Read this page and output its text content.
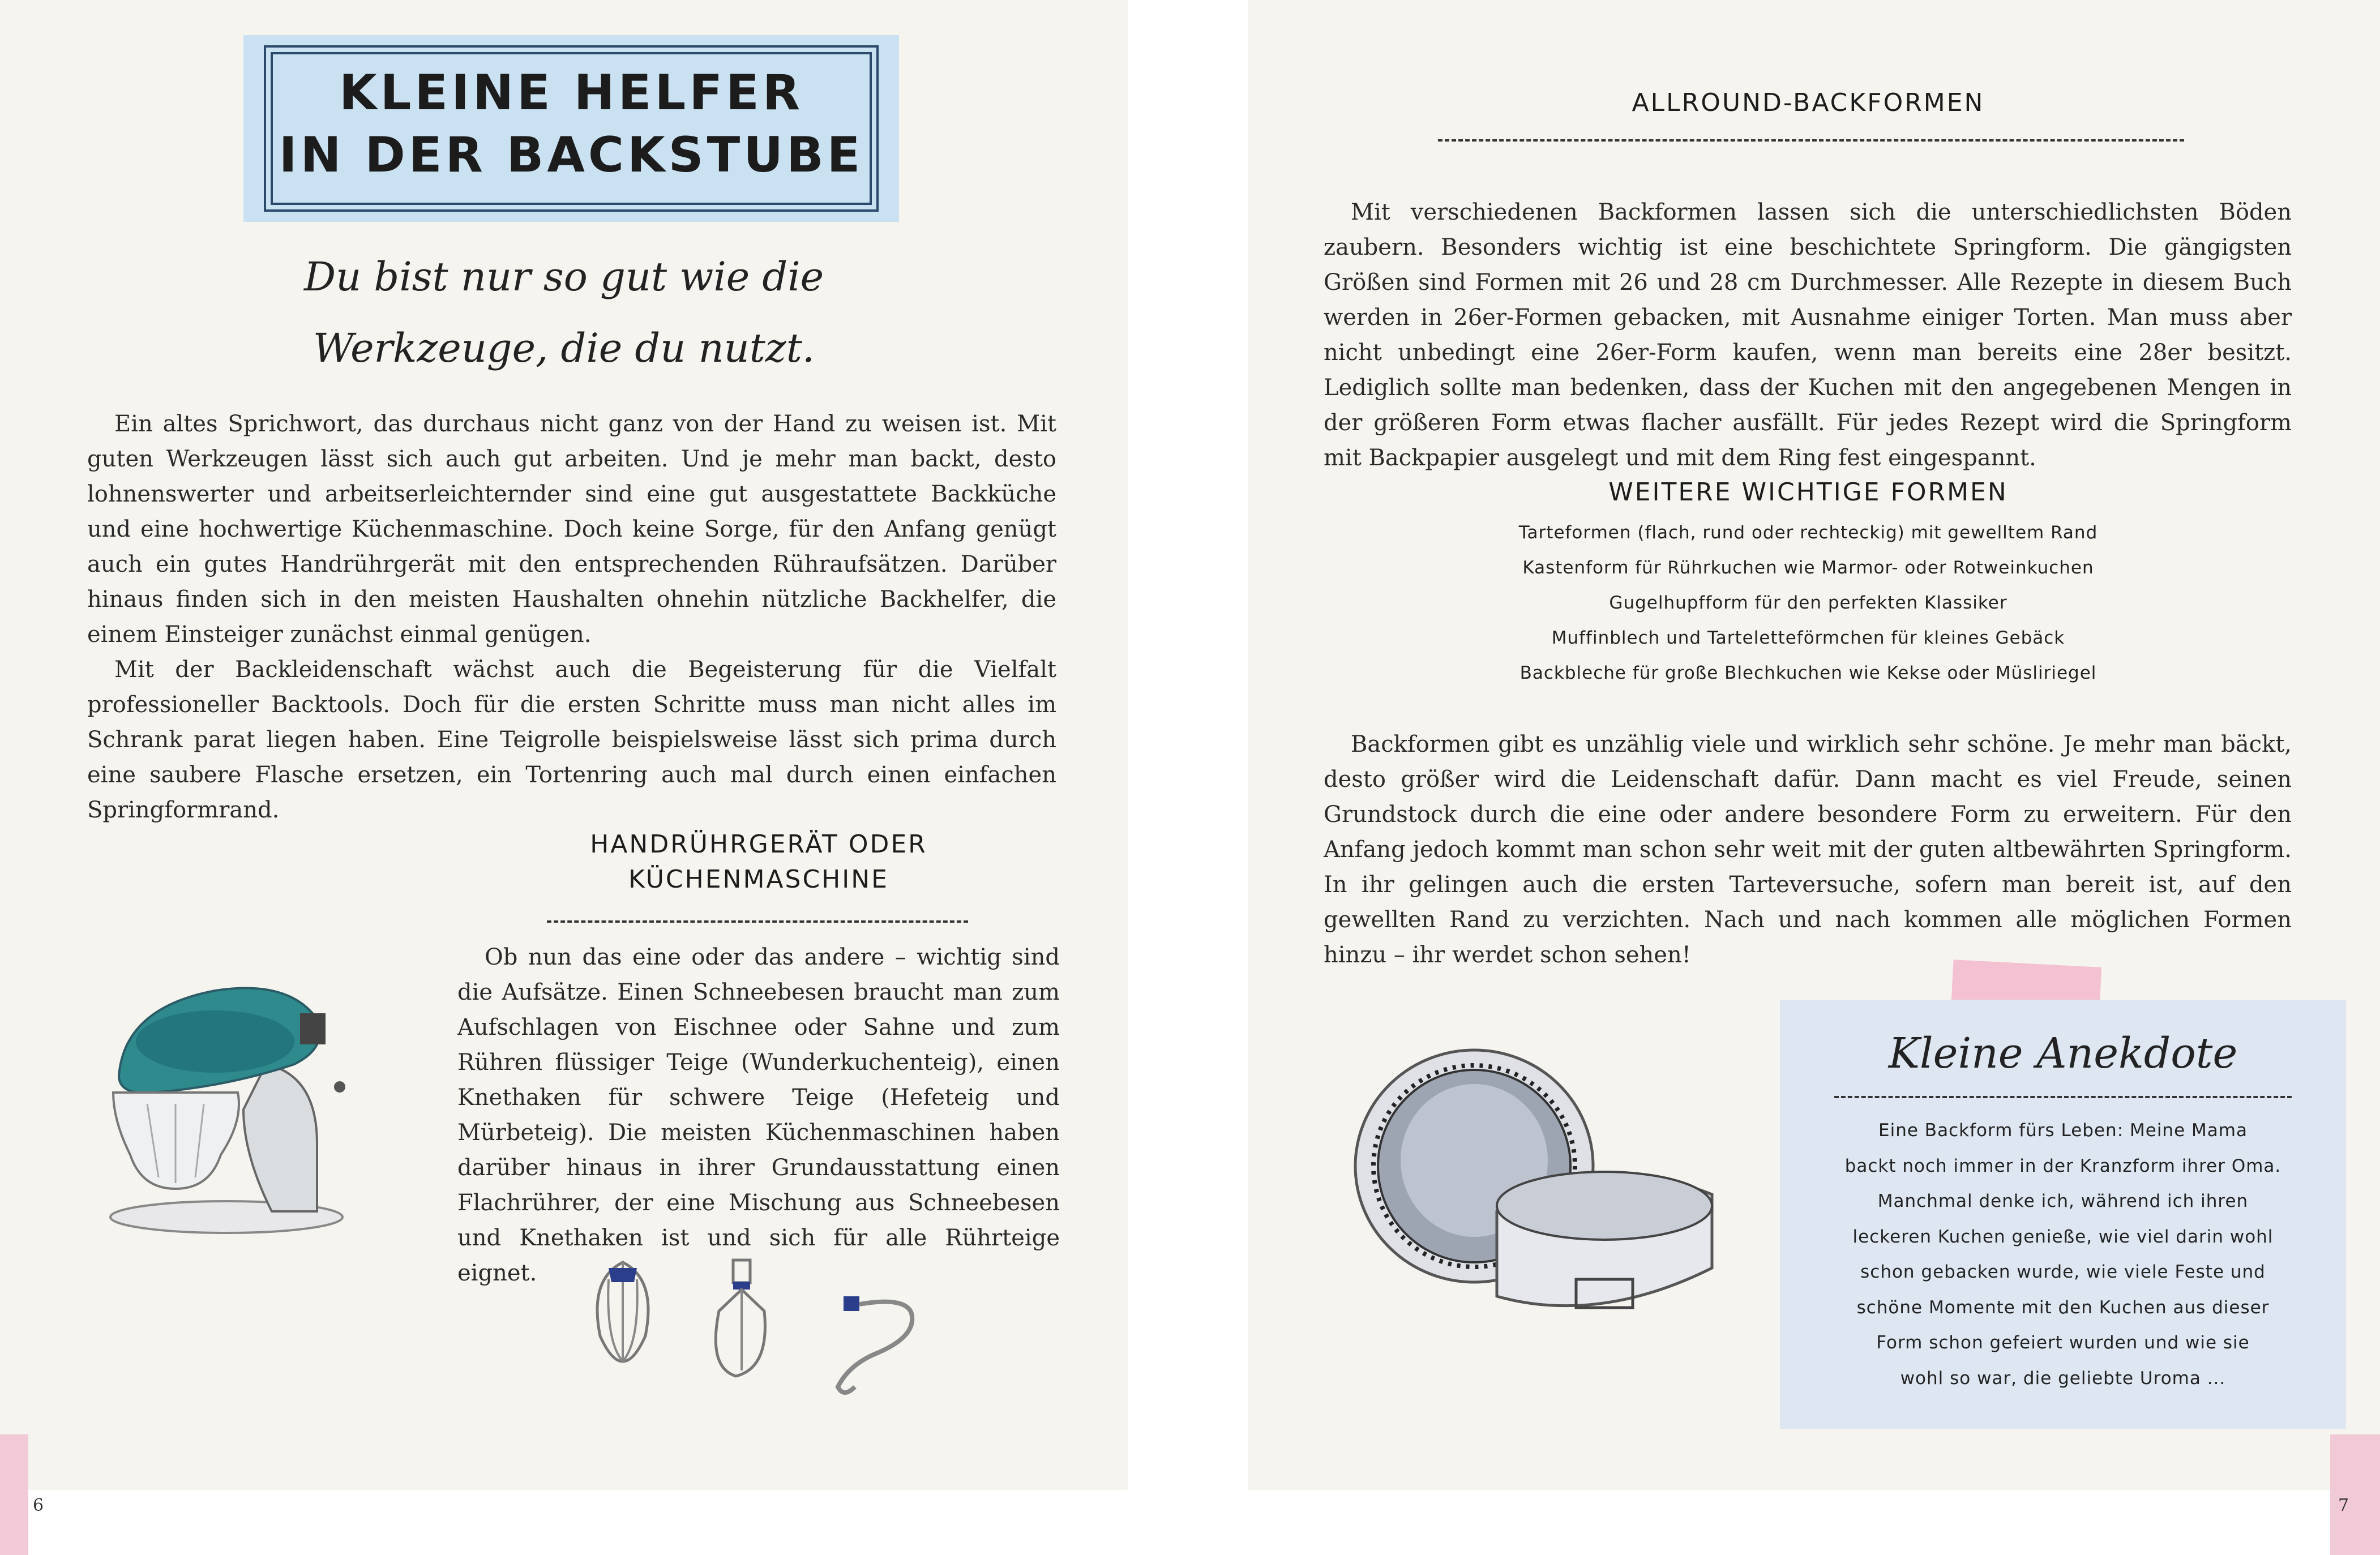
KLEINE HELFER
IN DER BACKSTUBE
Du bist nur so gut wie die
Werkzeuge, die du nutzt.

Ein altes Sprichwort, das durchaus nicht ganz von der Hand zu weisen ist. Mit guten Werkzeugen lässt sich auch gut arbeiten. Und je mehr man backt, desto lohnenswerter und arbeitserleichternder sind eine gut ausgestattete Backküche und eine hochwertige Küchenmaschine. Doch keine Sorge, für den Anfang genügt auch ein gutes Handrührgerät mit den entsprechenden Rühraufsätzen. Darüber hinaus finden sich in den meisten Haushalten ohnehin nützliche Backhelfer, die einem Einsteiger zunächst einmal genügen.

Mit der Backleidenschaft wächst auch die Begeisterung für die Vielfalt professioneller Backtools. Doch für die ersten Schritte muss man nicht alles im Schrank parat liegen haben. Eine Teigrolle beispielsweise lässt sich prima durch eine saubere Flasche ersetzen, ein Tortenring auch mal durch einen einfachen Springformrand.

HANDRÜHRGERÄT ODER
KÜCHENMASCHINE

Ob nun das eine oder das andere – wichtig sind die Aufsätze. Einen Schneebesen braucht man zum Aufschlagen von Eischnee oder Sahne und zum Rühren flüssiger Teige (Wunderkuchenteig), einen Knethaken für schwere Teige (Hefeteig und Mürbeteig). Die meisten Küchenmaschinen haben darüber hinaus in ihrer Grundausstattung einen Flachrührer, der eine Mischung aus Schneebesen und Knethaken ist und sich für alle Rührteige eignet.

6
ALLROUND-BACKFORMEN

Mit verschiedenen Backformen lassen sich die unterschiedlichsten Böden zaubern. Besonders wichtig ist eine beschichtete Springform. Die gängigsten Größen sind Formen mit 26 und 28 cm Durchmesser. Alle Rezepte in diesem Buch werden in 26er-Formen gebacken, mit Ausnahme einiger Torten. Man muss aber nicht unbedingt eine 26er-Form kaufen, wenn man bereits eine 28er besitzt. Lediglich sollte man bedenken, dass der Kuchen mit den angegebenen Mengen in der größeren Form etwas flacher ausfällt. Für jedes Rezept wird die Springform mit Backpapier ausgelegt und mit dem Ring fest eingespannt.

WEITERE WICHTIGE FORMEN
Tarteformen (flach, rund oder rechteckig) mit gewelltem Rand
Kastenform für Rührkuchen wie Marmor- oder Rotweinkuchen
Gugelhupfform für den perfekten Klassiker
Muffinblech und Tarteletteförmchen für kleines Gebäck
Backbleche für große Blechkuchen wie Kekse oder Müsliriegel

Backformen gibt es unzählig viele und wirklich sehr schöne. Je mehr man bäckt, desto größer wird die Leidenschaft dafür. Dann macht es viel Freude, seinen Grundstock durch die eine oder andere besondere Form zu erweitern. Für den Anfang jedoch kommt man schon sehr weit mit der guten altbewährten Springform. In ihr gelingen auch die ersten Tarteversuche, sofern man bereit ist, auf den gewellten Rand zu verzichten. Nach und nach kommen alle möglichen Formen hinzu – ihr werdet schon sehen!

Kleine Anekdote
Eine Backform fürs Leben: Meine Mama
backt noch immer in der Kranzform ihrer Oma.
Manchmal denke ich, während ich ihren
leckeren Kuchen genieße, wie viel darin wohl
schon gebacken wurde, wie viele Feste und
schöne Momente mit den Kuchen aus dieser
Form schon gefeiert wurden und wie sie
wohl so war, die geliebte Uroma ...
7
